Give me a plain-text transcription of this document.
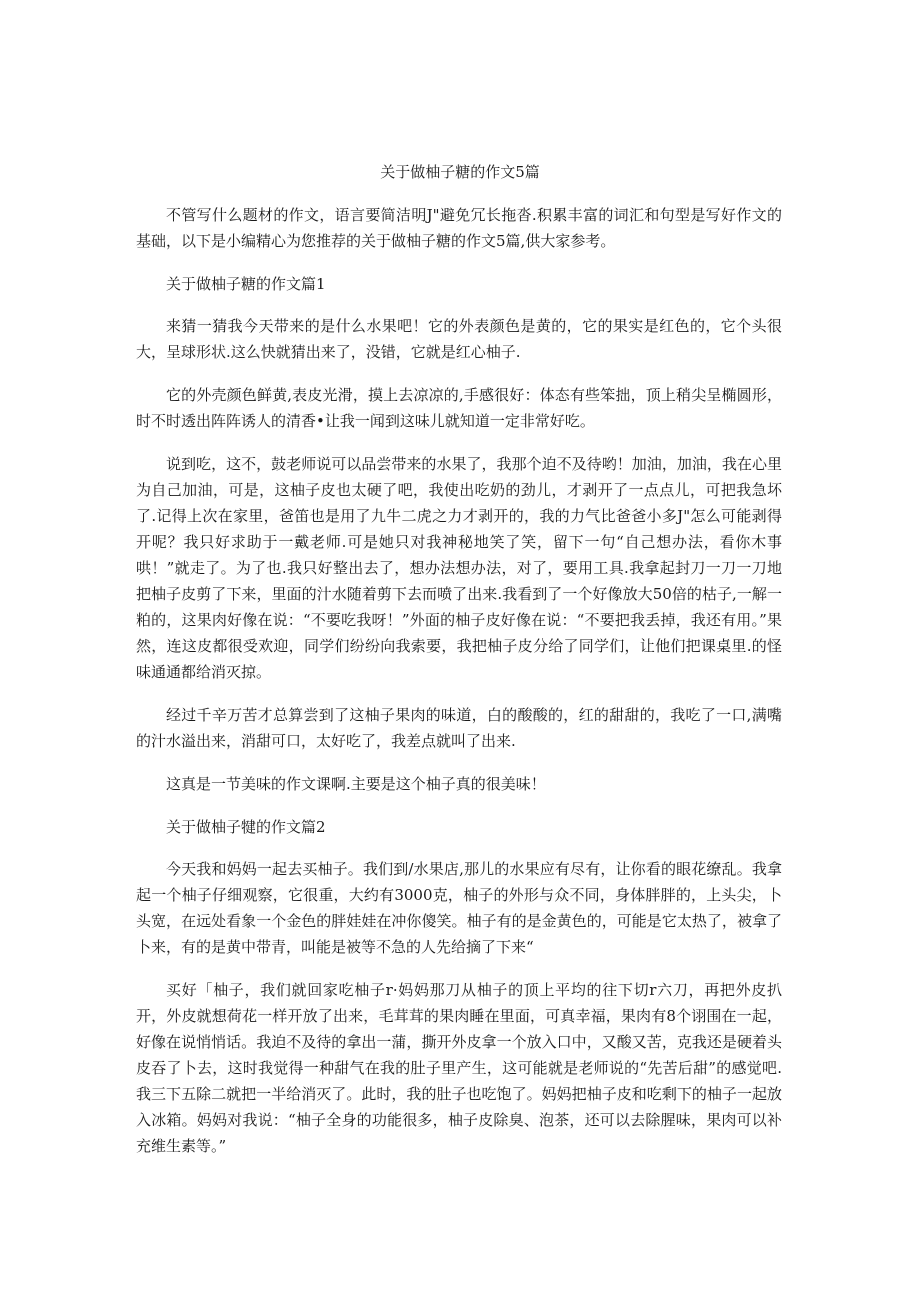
关于做柚子糖的作文5篇

不管写什么题材的作文，语言要简洁明J"避免冗长拖沓.积累丰富的词汇和句型是写好作文的基础，以下是小编精心为您推荐的关于做柚子糖的作文5篇,供大家参考。

关于做柚子糖的作文篇1

来猜一猜我今天带来的是什么水果吧！它的外表颜色是黄的，它的果实是红色的，它个头很大，呈球形状.这么快就猜出来了，没错，它就是红心柚子.

它的外壳颜色鲜黄,表皮光滑，摸上去凉凉的,手感很好：体态有些笨拙，顶上稍尖呈椭圆形，时不时透出阵阵诱人的清香•让我一闻到这味儿就知道一定非常好吃。

说到吃，这不，鼓老师说可以品尝带来的水果了，我那个迫不及待哟！加油，加油，我在心里为自己加油，可是，这柚子皮也太硬了吧，我使出吃奶的劲儿，才剥开了一点点儿，可把我急坏了.记得上次在家里，爸笛也是用了九牛二虎之力才剥开的，我的力气比爸爸小多J"怎么可能剥得开呢？我只好求助于一戴老师.可是她只对我神秘地笑了笑，留下一句“自己想办法，看你木事哄！”就走了。为了也.我只好整出去了，想办法想办法，对了，要用工具.我拿起封刀一刀一刀地把柚子皮剪了下来，里面的汁水随着剪下去而喷了出来.我看到了一个好像放大50倍的枯子,一解一粕的，这果肉好像在说：“不要吃我呀！”外面的柚子皮好像在说：“不要把我丢掉，我还有用。”果然，连这皮都很受欢迎，同学们纷纷向我索要，我把柚子皮分给了同学们，让他们把课桌里.的怪味通通都给消灭掠。

经过千辛万苦才总算尝到了这柚子果肉的味道，白的酸酸的，红的甜甜的，我吃了一口,满嘴的汁水溢出来，消甜可口，太好吃了，我差点就叫了出来.

这真是一节美味的作文课啊.主要是这个柚子真的很美味！

关于做柚子犍的作文篇2

今天我和妈妈一起去买柚子。我们到/水果店,那儿的水果应有尽有，让你看的眼花缭乱。我拿起一个柚子仔细观察，它很重，大约有3000克，柚子的外形与众不同，身体胖胖的，上头尖，卜头宽，在远处看象一个金色的胖娃娃在冲你傻笑。柚子有的是金黄色的，可能是它太热了，被拿了卜来，有的是黄中带青，叫能是被等不急的人先给摘了下来“

买好「柚子，我们就回家吃柚子r·妈妈那刀从柚子的顶上平均的往下切r六刀，再把外皮扒开，外皮就想荷花一样开放了出来，毛茸茸的果肉睡在里面，可真幸福，果肉有8个诩围在一起，好像在说悄悄话。我迫不及待的拿出一蒲，撕开外皮拿一个放入口中，又酸又苦，克我还是硬着头皮吞了卜去，这时我觉得一种甜气在我的肚子里产生，这可能就是老师说的“先苦后甜”的感觉吧.我三下五除二就把一半给消灭了。此时，我的肚子也吃饱了。妈妈把柚子皮和吃剩下的柚子一起放入冰箱。妈妈对我说：“柚子全身的功能很多，柚子皮除臭、泡茶，还可以去除腥味，果肉可以补充维生素等。”
